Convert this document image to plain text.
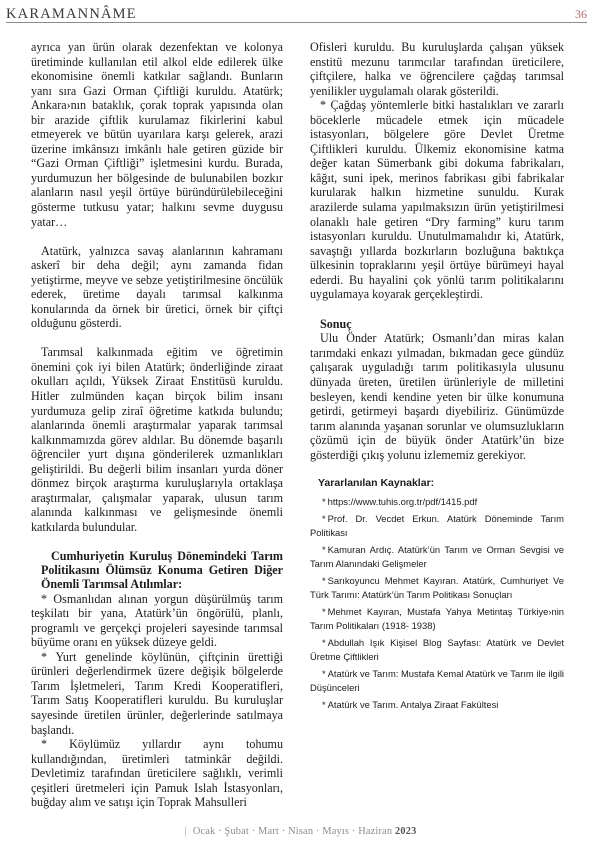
KARAMANNÂME	36

ayrıca yan ürün olarak dezenfektan ve kolonya üretiminde kullanılan etil alkol elde edilerek ülke ekonomisine önemli katkılar sağlandı. Bunların yanı sıra Gazi Orman Çiftliği kuruldu. Atatürk; Ankara›nın bataklık, çorak toprak yapısında olan bir arazide çiftlik kurulamaz fikirlerini kabul etmeyerek ve bütün uyarılara karşı gelerek, arazi üzerine imkânsızı imkânlı hale getiren güzide bir “Gazi Orman Çiftliği” işletmesini kurdu. Burada, yurdumuzun her bölgesinde de bulunabilen bozkır alanların nasıl yeşil örtüye büründürülebileceğini gösterme tutkusu yatar; halkını sevme duygusu yatar…

Atatürk, yalnızca savaş alanlarının kahramanı askerî bir deha değil; aynı zamanda fidan yetiştirme, meyve ve sebze yetiştirilmesine öncülük ederek, üretime dayalı tarımsal kalkınma konularında da örnek bir üretici, örnek bir çiftçi olduğunu gösterdi.

Tarımsal kalkınmada eğitim ve öğretimin önemini çok iyi bilen Atatürk; önderliğinde ziraat okulları açıldı, Yüksek Ziraat Enstitüsü kuruldu. Hitler zulmünden kaçan birçok bilim insanı yurdumuza gelip ziraî öğretime katkıda bulundu; alanlarında önemli araştırmalar yaparak tarımsal kalkınmamızda görev aldılar. Bu dönemde başarılı öğrenciler yurt dışına gönderilerek uzmanlıkları geliştirildi. Bu değerli bilim insanları yurda döner dönmez birçok araştırma kuruluşlarıyla ortaklaşa araştırmalar, çalışmalar yaparak, ulusun tarım alanında kalkınması ve gelişmesinde önemli katkılarda bulundular.

Cumhuriyetin Kuruluş Dönemindeki Tarım Politikasını Ölümsüz Konuma Getiren Diğer Önemli Tarımsal Atılımlar:

* Osmanlıdan alınan yorgun düşürülmüş tarım teşkilatı bir yana, Atatürk’ün öngörülü, planlı, programlı ve gerçekçi projeleri sayesinde tarımsal büyüme oranı en yüksek düzeye geldi.

* Yurt genelinde köylünün, çiftçinin ürettiği ürünleri değerlendirmek üzere değişik bölgelerde Tarım İşletmeleri, Tarım Kredi Kooperatifleri, Tarım Satış Kooperatifleri kuruldu. Bu kuruluşlar sayesinde üretilen ürünler, değerlerinde satılmaya başlandı.

* Köylümüz yıllardır aynı tohumu kullandığından, üretimleri tatminkâr değildi. Devletimiz tarafından üreticilere sağlıklı, verimli çeşitleri üretmeleri için Pamuk Islah İstasyonları, buğday alım ve satışı için Toprak Mahsulleri

Ofisleri kuruldu. Bu kuruluşlarda çalışan yüksek enstitü mezunu tarımcılar tarafından üreticilere, çiftçilere, halka ve öğrencilere çağdaş tarımsal yenilikler uygulamalı olarak gösterildi.

* Çağdaş yöntemlerle bitki hastalıkları ve zararlı böceklerle mücadele etmek için mücadele istasyonları, bölgelere göre Devlet Üretme Çiftlikleri kuruldu. Ülkemiz ekonomisine katma değer katan Sümerbank gibi dokuma fabrikaları, kâğıt, suni ipek, merinos fabrikası gibi fabrikalar kurularak halkın hizmetine sunuldu. Kurak arazilerde sulama yapılmaksızın ürün yetiştirilmesi olanaklı hale getiren “Dry farming” kuru tarım istasyonları kuruldu. Unutulmamalıdır ki, Atatürk, savaştığı yıllarda bozkırların bozluğuna baktıkça ülkesinin topraklarını yeşil örtüye bürümeyi hayal ederdi. Bu hayalini çok yönlü tarım politikalarını uygulamaya koyarak gerçekleştirdi.

Sonuç

Ulu Önder Atatürk; Osmanlı’dan miras kalan tarımdaki enkazı yılmadan, bıkmadan gece gündüz çalışarak uyguladığı tarım politikasıyla ulusunu dünyada üreten, üretilen ürünleriyle de milletini besleyen, kendi kendine yeten bir ülke konumuna getirdi, getirmeyi başardı diyebiliriz. Günümüzde tarım alanında yaşanan sorunlar ve olumsuzlukların çözümü için de büyük önder Atatürk’ün bize gösterdiği çıkış yolunu izlememiz gerekiyor.

Yararlanılan Kaynaklar:
* https://www.tuhis.org.tr/pdf/1415.pdf
* Prof. Dr. Vecdet Erkun. Atatürk Döneminde Tarım Politikası
* Kamuran Ardıç. Atatürk’ün Tarım ve Orman Sevgisi ve Tarım Alanındaki Gelişmeler
* Sarıkoyuncu Mehmet Kayıran. Atatürk, Cumhuriyet Ve Türk Tarımı: Atatürk’ün Tarım Politikası Sonuçları
* Mehmet Kayıran, Mustafa Yahya Metintaş Türkiye›nin Tarım Politikaları (1918- 1938)
* Abdullah Işık Kişisel Blog Sayfası: Atatürk ve Devlet Üretme Çiftlikleri
* Atatürk ve Tarım: Mustafa Kemal Atatürk ve Tarım ile ilgili Düşünceleri
* Atatürk ve Tarım. Antalya Ziraat Fakültesi
| Ocak · Şubat · Mart · Nisan · Mayıs · Haziran 2023
